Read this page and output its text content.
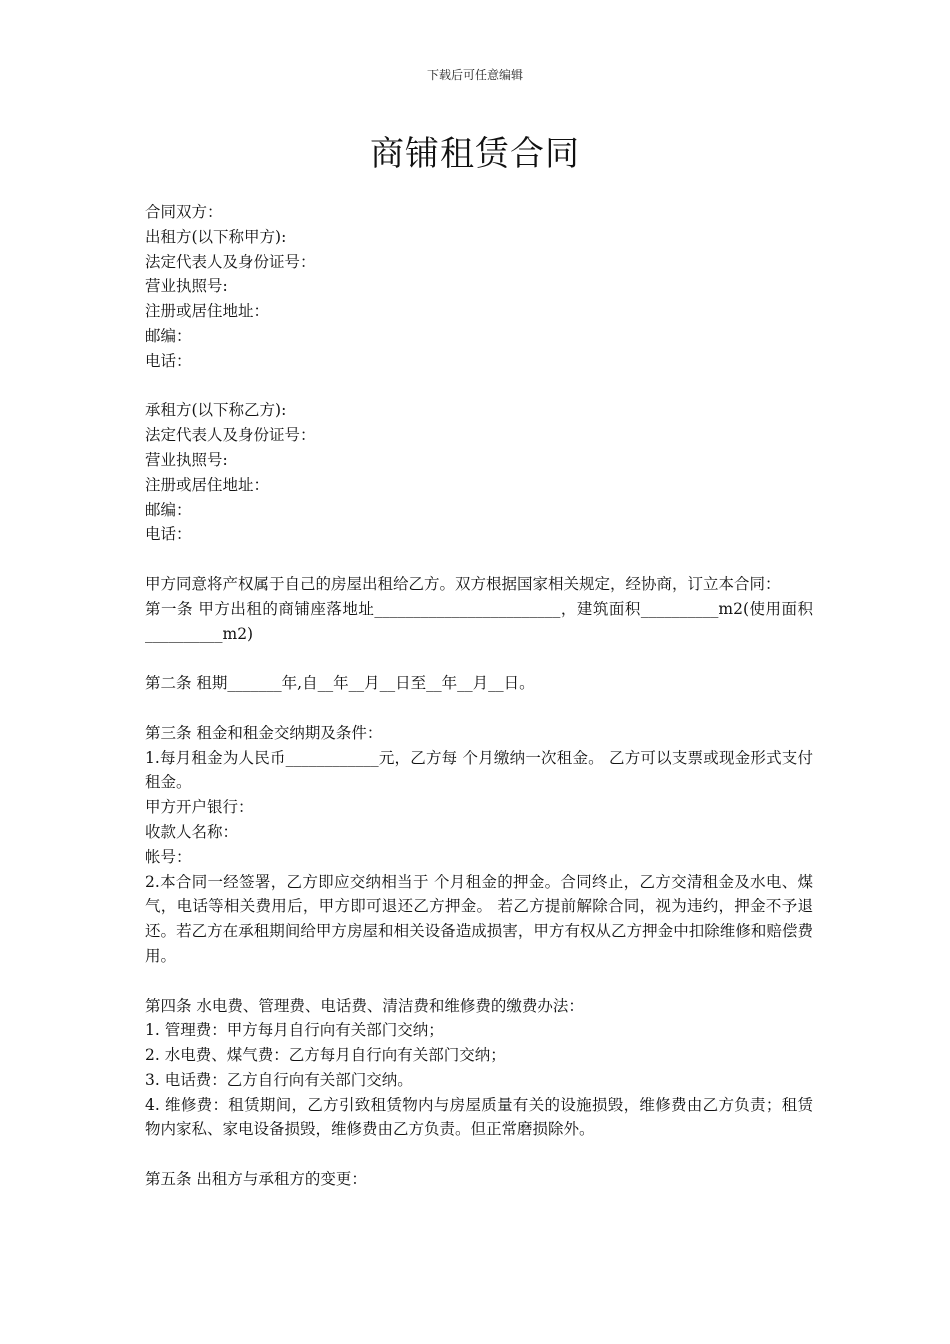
下载后可任意编辑
商铺租赁合同
合同双方：
出租方(以下称甲方):
法定代表人及身份证号：
营业执照号:
注册或居住地址：
邮编：
电话：
承租方(以下称乙方):
法定代表人及身份证号：
营业执照号:
注册或居住地址：
邮编：
电话：
甲方同意将产权属于自己的房屋出租给乙方。双方根据国家相关规定，经协商，订立本合同：
第一条 甲方出租的商铺座落地址________________________，建筑面积__________m2(使用面积__________m2)
第二条 租期_______年,自__年__月__日至__年__月__日。
第三条 租金和租金交纳期及条件：
1.每月租金为人民币____________元，乙方每 个月缴纳一次租金。 乙方可以支票或现金形式支付租金。
甲方开户银行：
收款人名称：
帐号：
2.本合同一经签署，乙方即应交纳相当于 个月租金的押金。合同终止，乙方交清租金及水电、煤气，电话等相关费用后，甲方即可退还乙方押金。 若乙方提前解除合同，视为违约，押金不予退还。若乙方在承租期间给甲方房屋和相关设备造成损害，甲方有权从乙方押金中扣除维修和赔偿费用。
第四条 水电费、管理费、电话费、清洁费和维修费的缴费办法：
1. 管理费：甲方每月自行向有关部门交纳；
2. 水电费、煤气费：乙方每月自行向有关部门交纳；
3. 电话费：乙方自行向有关部门交纳。
4. 维修费：租赁期间，乙方引致租赁物内与房屋质量有关的设施损毁，维修费由乙方负责；租赁物内家私、家电设备损毁，维修费由乙方负责。但正常磨损除外。
第五条 出租方与承租方的变更：
